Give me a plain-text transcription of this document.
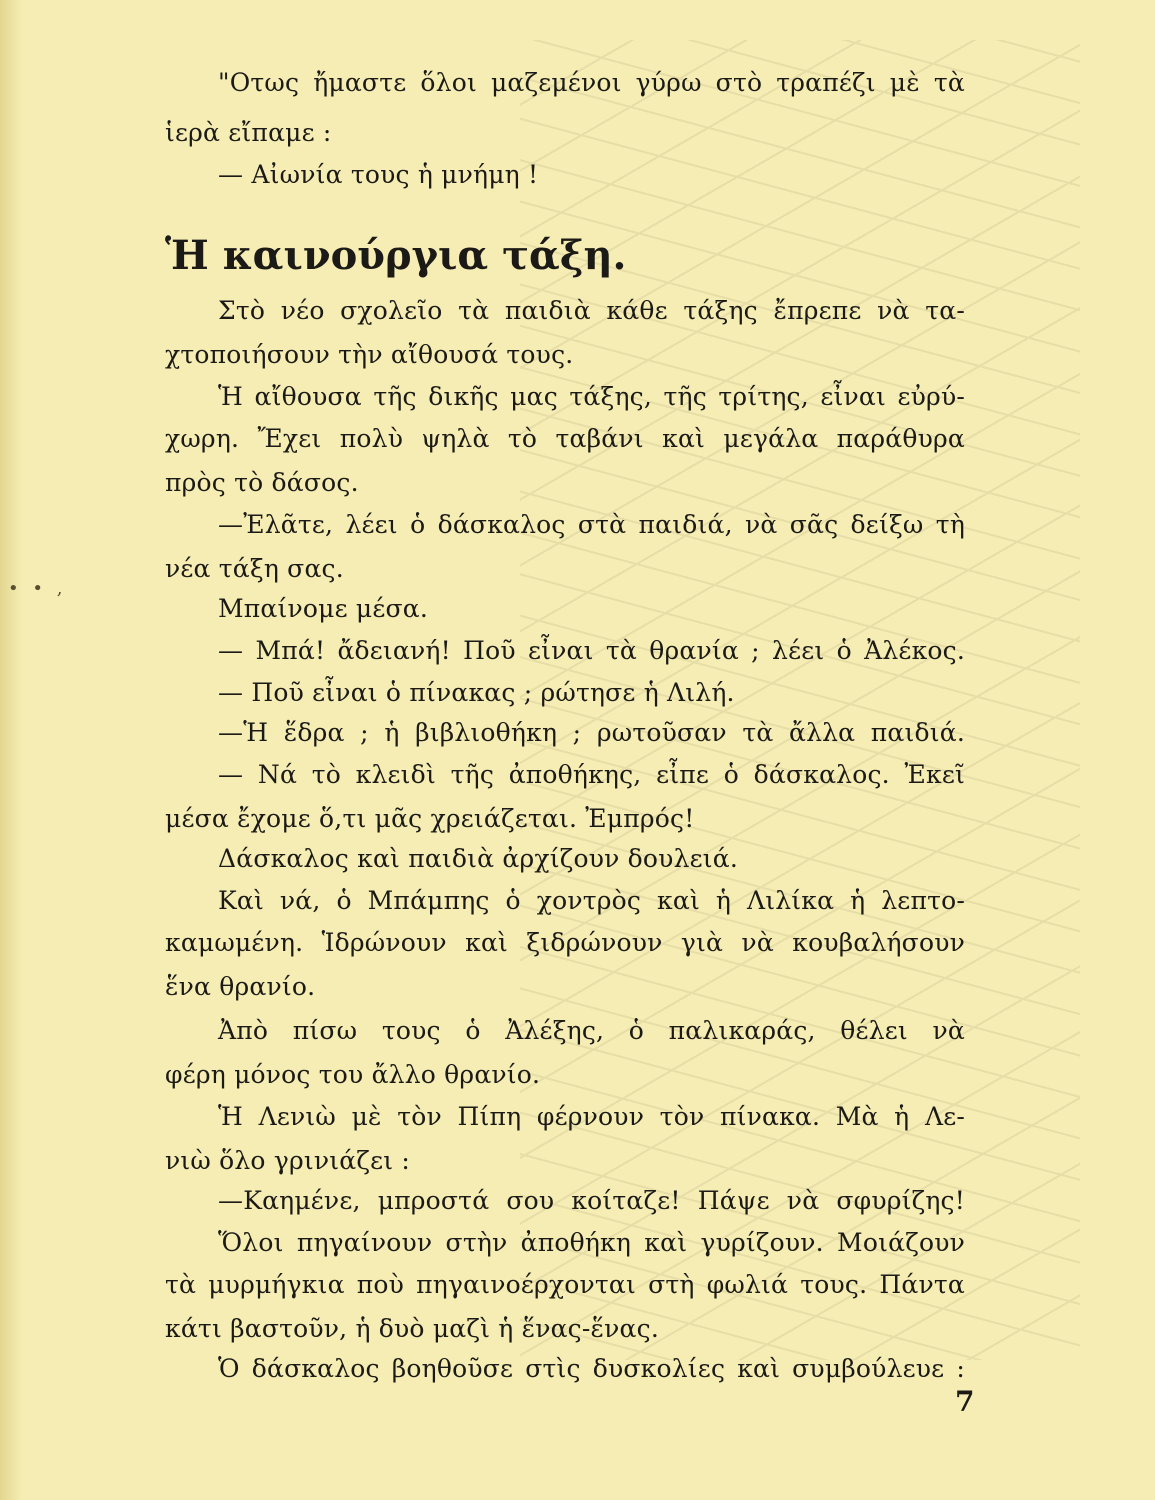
• • ‚
"Οτως ἤμαστε ὅλοι μαζεμένοι γύρω στὸ τραπέζι μὲ τὰ
ἱερὰ εἴπαμε :
— Αἰωνία τους ἡ μνήμη !
Ἡ καινούργια τάξη.
Στὸ νέο σχολεῖο τὰ παιδιὰ κάθε τάξης ἔπρεπε νὰ τα-
χτοποιήσουν τὴν αἴθουσά τους.
Ἡ αἴθουσα τῆς δικῆς μας τάξης, τῆς τρίτης, εἶναι εὐρύ-
χωρη. Ἔχει πολὺ ψηλὰ τὸ ταβάνι καὶ μεγάλα παράθυρα
πρὸς τὸ δάσος.
—Ἐλᾶτε, λέει ὁ δάσκαλος στὰ παιδιά, νὰ σᾶς δείξω τὴ
νέα τάξη σας.
Μπαίνομε μέσα.
— Μπά! ἄδειανή! Ποῦ εἶναι τὰ θρανία ; λέει ὁ Ἀλέκος.
— Ποῦ εἶναι ὁ πίνακας ; ρώτησε ἡ Λιλή.
—Ἡ ἕδρα ; ἡ βιβλιοθήκη ; ρωτοῦσαν τὰ ἄλλα παιδιά.
— Νά τὸ κλειδὶ τῆς ἀποθήκης, εἶπε ὁ δάσκαλος. Ἐκεῖ
μέσα ἔχομε ὅ,τι μᾶς χρειάζεται. Ἐμπρός!
Δάσκαλος καὶ παιδιὰ ἀρχίζουν δουλειά.
Καὶ νά, ὁ Μπάμπης ὁ χοντρὸς καὶ ἡ Λιλίκα ἡ λεπτο-
καμωμένη. Ἱδρώνουν καὶ ξιδρώνουν γιὰ νὰ κουβαλήσουν
ἕνα θρανίο.
Ἀπὸ πίσω τους ὁ Ἀλέξης, ὁ παλικαράς, θέλει νὰ
φέρη μόνος του ἄλλο θρανίο.
Ἡ Λενιὼ μὲ τὸν Πίπη φέρνουν τὸν πίνακα. Μὰ ἡ Λε-
νιὼ ὅλο γρινιάζει :
—Καημένε, μπροστά σου κοίταζε! Πάψε νὰ σφυρίζης!
Ὅλοι πηγαίνουν στὴν ἀποθήκη καὶ γυρίζουν. Μοιάζουν
τὰ μυρμήγκια ποὺ πηγαινοέρχονται στὴ φωλιά τους. Πάντα
κάτι βαστοῦν, ἡ δυὸ μαζὶ ἡ ἕνας-ἕνας.
Ὁ δάσκαλος βοηθοῦσε στὶς δυσκολίες καὶ συμβούλευε :
7
